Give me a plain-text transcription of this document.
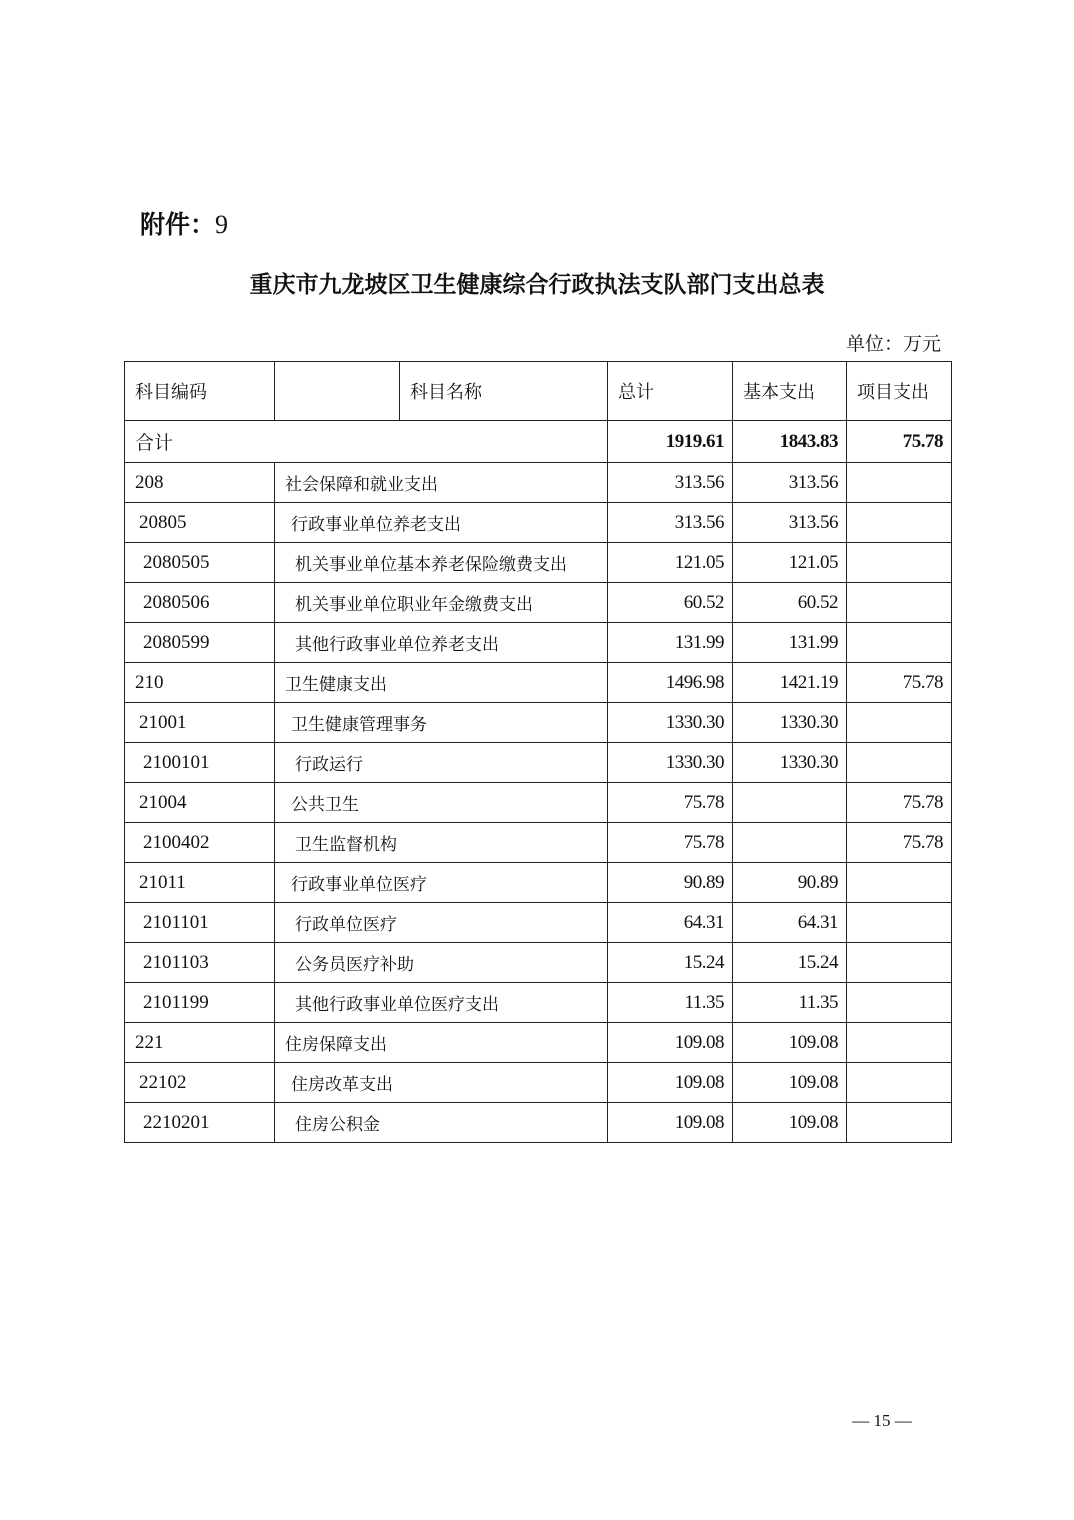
附件：9
重庆市九龙坡区卫生健康综合行政执法支队部门支出总表
单位：万元
科目编码	科目名称	总计	基本支出	项目支出
合计		1919.61	1843.83	75.78
208	社会保障和就业支出	313.56	313.56	
20805	行政事业单位养老支出	313.56	313.56	
2080505	机关事业单位基本养老保险缴费支出	121.05	121.05	
2080506	机关事业单位职业年金缴费支出	60.52	60.52	
2080599	其他行政事业单位养老支出	131.99	131.99	
210	卫生健康支出	1496.98	1421.19	75.78
21001	卫生健康管理事务	1330.30	1330.30	
2100101	行政运行	1330.30	1330.30	
21004	公共卫生	75.78		75.78
2100402	卫生监督机构	75.78		75.78
21011	行政事业单位医疗	90.89	90.89	
2101101	行政单位医疗	64.31	64.31	
2101103	公务员医疗补助	15.24	15.24	
2101199	其他行政事业单位医疗支出	11.35	11.35	
221	住房保障支出	109.08	109.08	
22102	住房改革支出	109.08	109.08	
2210201	住房公积金	109.08	109.08	
— 15 —
